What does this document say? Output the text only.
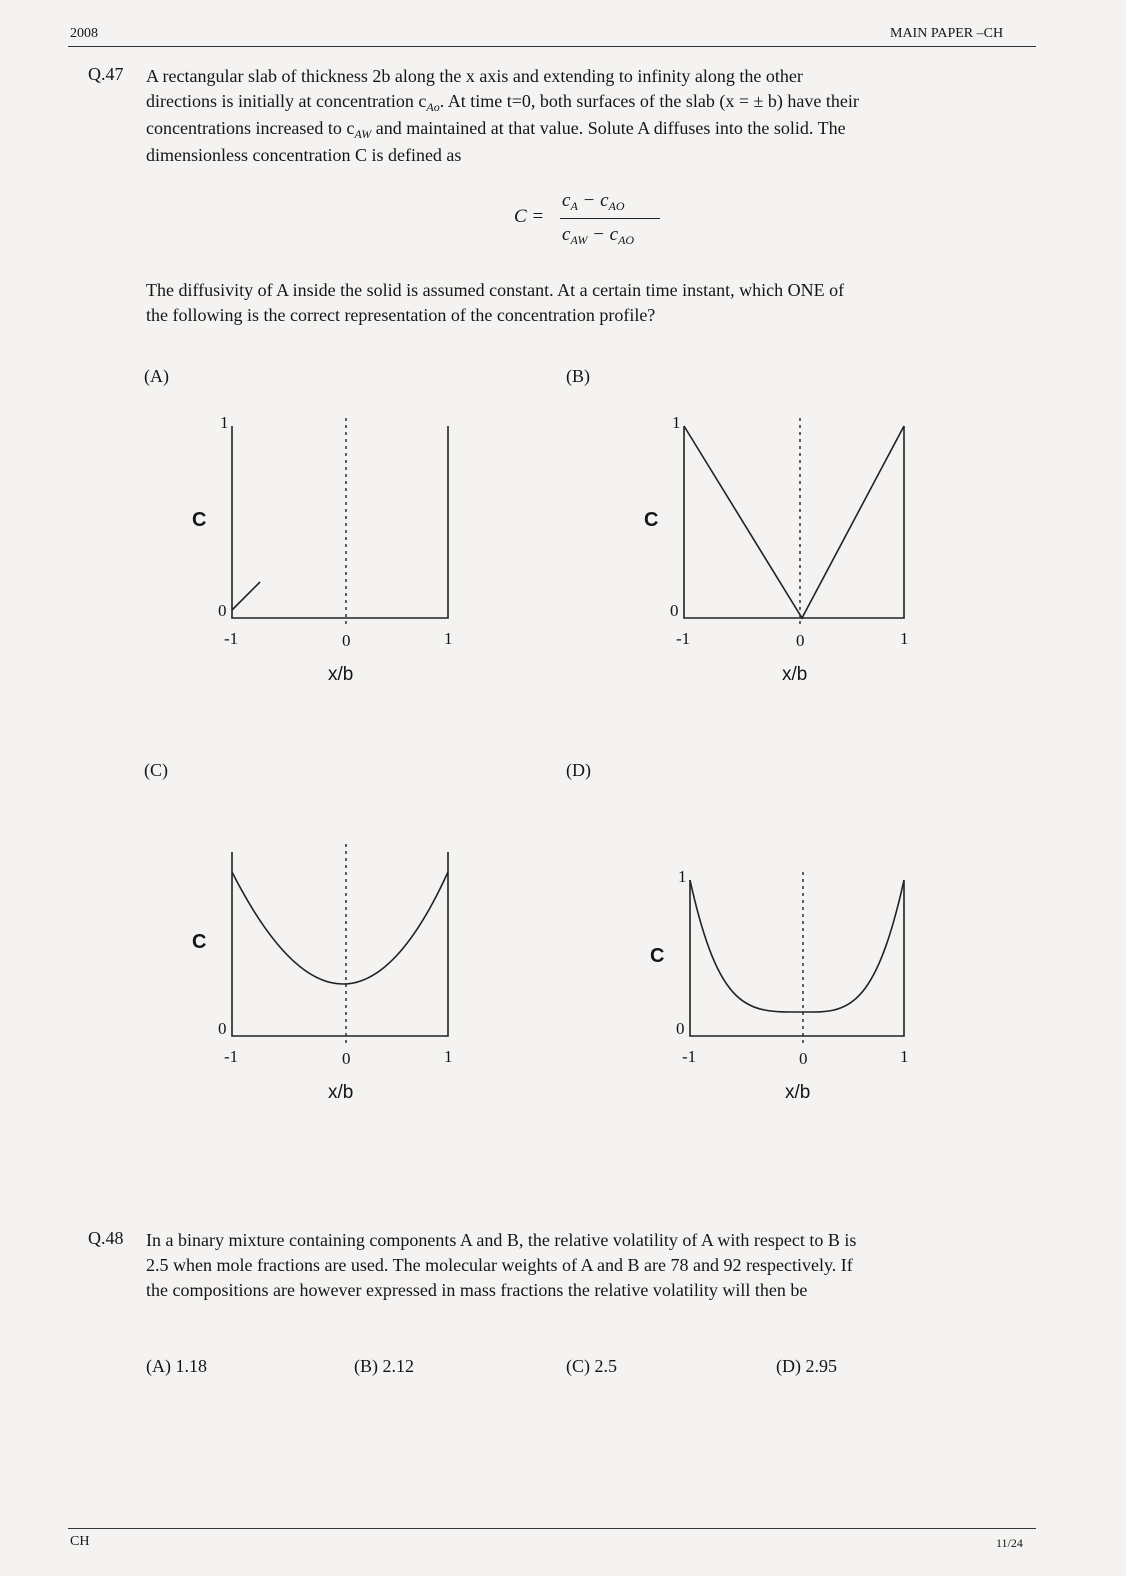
2008	MAIN PAPER –CH
Q.47 A rectangular slab of thickness 2b along the x axis and extending to infinity along the other
directions is initially at concentration $c_{Ao}$. At time t=0, both surfaces of the slab (x = ± b) have their
concentrations increased to $c_{AW}$ and maintained at that value. Solute A diffuses into the solid. The
dimensionless concentration C is defined as
C =
$c_A - c_{AO}$
$c_{AW} - c_{AO}$
The diffusivity of A inside the solid is assumed constant. At a certain time instant, which ONE of
the following is the correct representation of the concentration profile?
(A)
C
1
0
-1	0	1
x/b
(B)
C
1
0
-1	0	1
x/b
(C)
C
0
-1	0	1
x/b
(D)
C
1
0
-1	0	1
x/b
Q.48 In a binary mixture containing components A and B, the relative volatility of A with respect to B is
2.5 when mole fractions are used. The molecular weights of A and B are 78 and 92 respectively. If
the compositions are however expressed in mass fractions the relative volatility will then be
(A) 1.18	(B) 2.12	(C) 2.5	(D) 2.95
CH	11/24
